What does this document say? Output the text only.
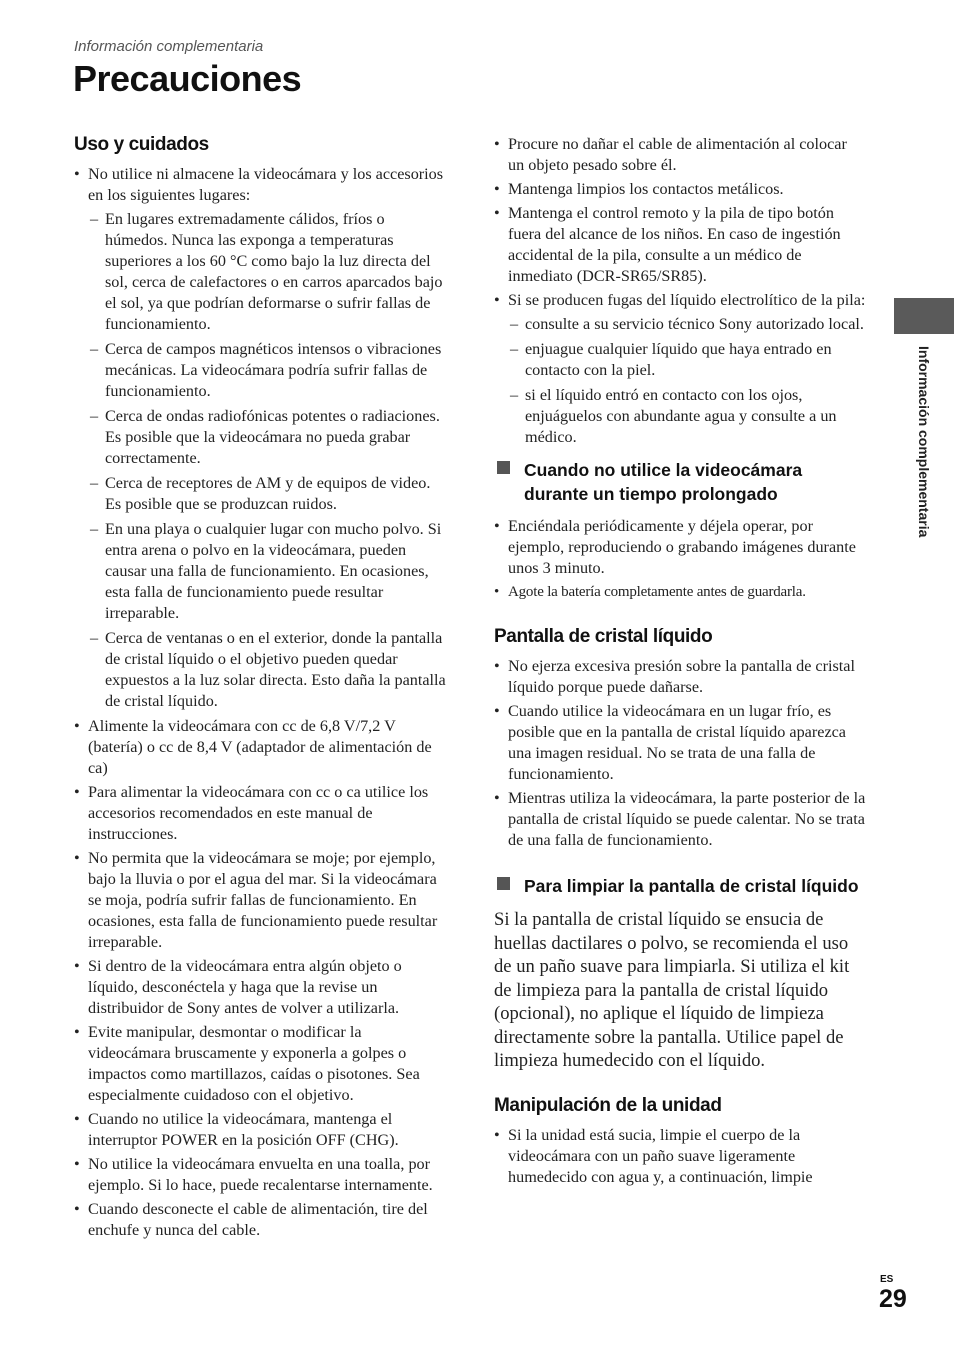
Información complementaria
Precauciones
Uso y cuidados
• No utilice ni almacene la videocámara y los accesorios en los siguientes lugares:
– En lugares extremadamente cálidos, fríos o húmedos. Nunca las exponga a temperaturas superiores a los 60 °C como bajo la luz directa del sol, cerca de calefactores o en carros aparcados bajo el sol, ya que podrían deformarse o sufrir fallas de funcionamiento.
– Cerca de campos magnéticos intensos o vibraciones mecánicas. La videocámara podría sufrir fallas de funcionamiento.
– Cerca de ondas radiofónicas potentes o radiaciones. Es posible que la videocámara no pueda grabar correctamente.
– Cerca de receptores de AM y de equipos de video. Es posible que se produzcan ruidos.
– En una playa o cualquier lugar con mucho polvo. Si entra arena o polvo en la videocámara, pueden causar una falla de funcionamiento. En ocasiones, esta falla de funcionamiento puede resultar irreparable.
– Cerca de ventanas o en el exterior, donde la pantalla de cristal líquido o el objetivo pueden quedar expuestos a la luz solar directa. Esto daña la pantalla de cristal líquido.
• Alimente la videocámara con cc de 6,8 V/7,2 V (batería) o cc de 8,4 V (adaptador de alimentación de ca)
• Para alimentar la videocámara con cc o ca utilice los accesorios recomendados en este manual de instrucciones.
• No permita que la videocámara se moje; por ejemplo, bajo la lluvia o por el agua del mar. Si la videocámara se moja, podría sufrir fallas de funcionamiento. En ocasiones, esta falla de funcionamiento puede resultar irreparable.
• Si dentro de la videocámara entra algún objeto o líquido, desconéctela y haga que la revise un distribuidor de Sony antes de volver a utilizarla.
• Evite manipular, desmontar o modificar la videocámara bruscamente y exponerla a golpes o impactos como martillazos, caídas o pisotones. Sea especialmente cuidadoso con el objetivo.
• Cuando no utilice la videocámara, mantenga el interruptor POWER en la posición OFF (CHG).
• No utilice la videocámara envuelta en una toalla, por ejemplo. Si lo hace, puede recalentarse internamente.
• Cuando desconecte el cable de alimentación, tire del enchufe y nunca del cable.
• Procure no dañar el cable de alimentación al colocar un objeto pesado sobre él.
• Mantenga limpios los contactos metálicos.
• Mantenga el control remoto y la pila de tipo botón fuera del alcance de los niños. En caso de ingestión accidental de la pila, consulte a un médico de inmediato (DCR-SR65/SR85).
• Si se producen fugas del líquido electrolítico de la pila:
– consulte a su servicio técnico Sony autorizado local.
– enjuague cualquier líquido que haya entrado en contacto con la piel.
– si el líquido entró en contacto con los ojos, enjuáguelos con abundante agua y consulte a un médico.
Cuando no utilice la videocámara durante un tiempo prolongado
• Enciéndala periódicamente y déjela operar, por ejemplo, reproduciendo o grabando imágenes durante unos 3 minuto.
• Agote la batería completamente antes de guardarla.
Pantalla de cristal líquido
• No ejerza excesiva presión sobre la pantalla de cristal líquido porque puede dañarse.
• Cuando utilice la videocámara en un lugar frío, es posible que en la pantalla de cristal líquido aparezca una imagen residual. No se trata de una falla de funcionamiento.
• Mientras utiliza la videocámara, la parte posterior de la pantalla de cristal líquido se puede calentar. No se trata de una falla de funcionamiento.
Para limpiar la pantalla de cristal líquido

Si la pantalla de cristal líquido se ensucia de huellas dactilares o polvo, se recomienda el uso de un paño suave para limpiarla. Si utiliza el kit de limpieza para la pantalla de cristal líquido (opcional), no aplique el líquido de limpieza directamente sobre la pantalla. Utilice papel de limpieza humedecido con el líquido.

Manipulación de la unidad
• Si la unidad está sucia, limpie el cuerpo de la videocámara con un paño suave ligeramente humedecido con agua y, a continuación, limpie
Información complementaria
ES
29
